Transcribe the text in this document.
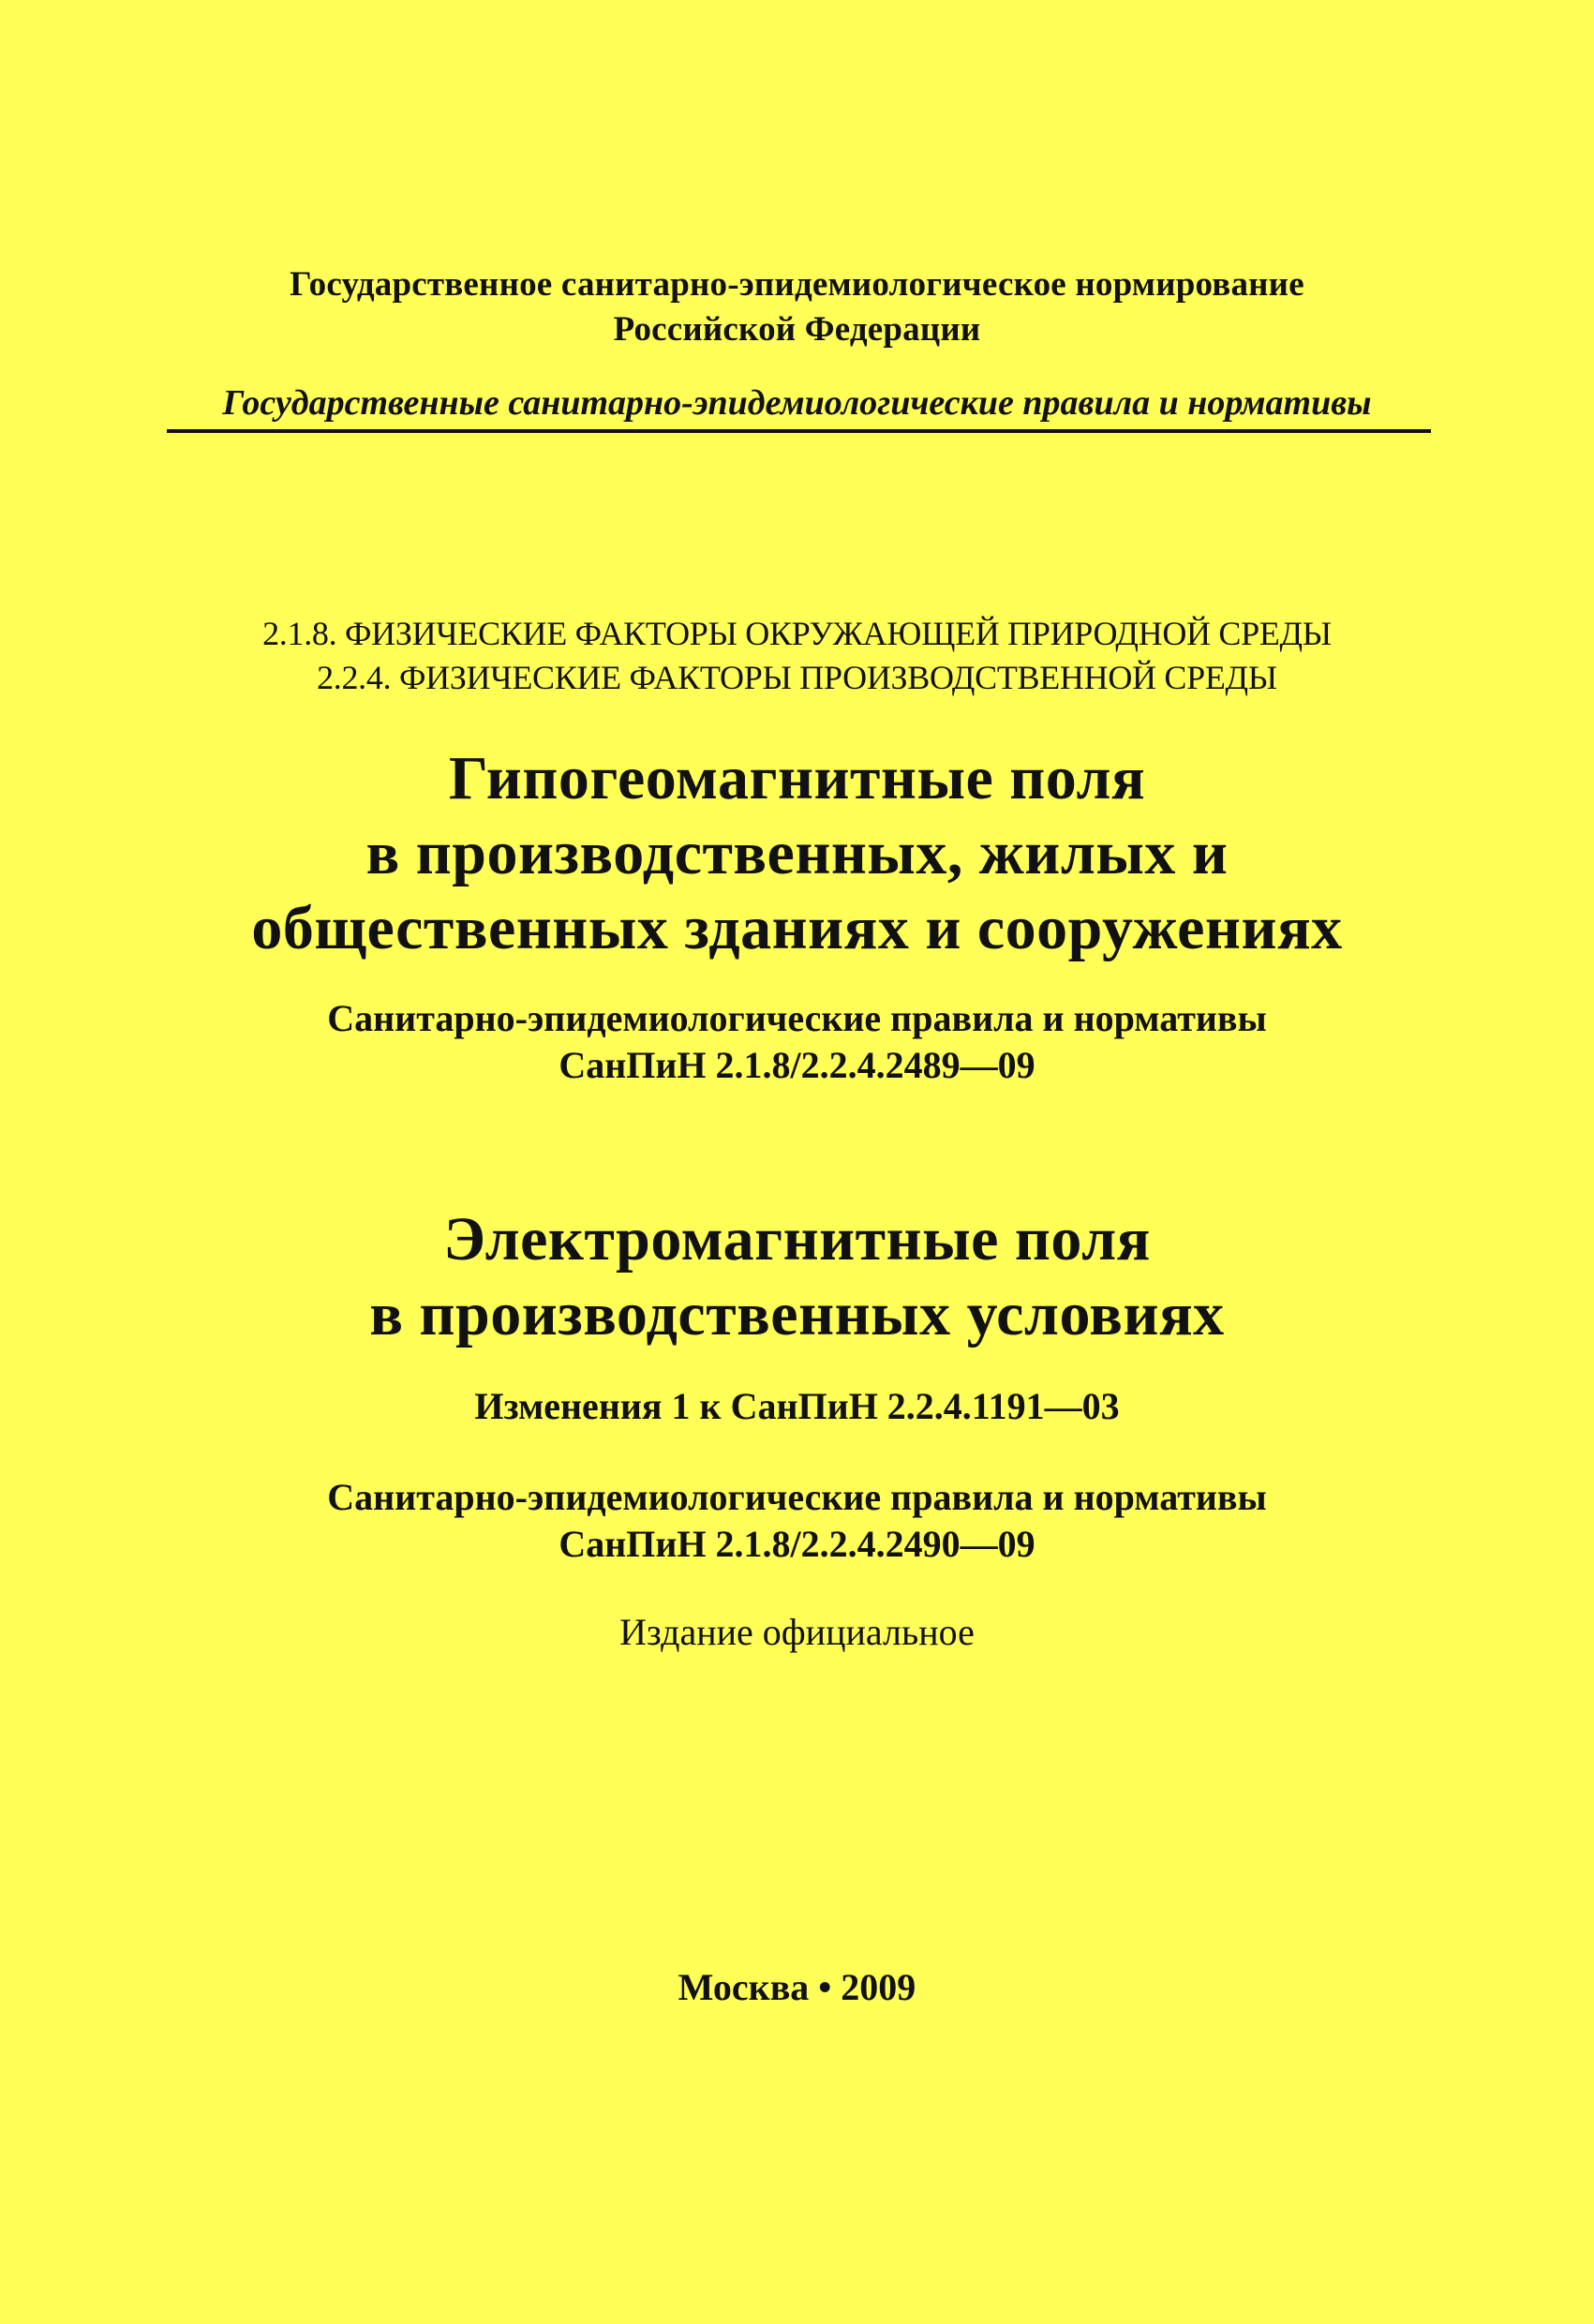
Государственное санитарно-эпидемиологическое нормирование
Российской Федерации
Государственные санитарно-эпидемиологические правила и нормативы
2.1.8. ФИЗИЧЕСКИЕ ФАКТОРЫ ОКРУЖАЮЩЕЙ ПРИРОДНОЙ СРЕДЫ
2.2.4. ФИЗИЧЕСКИЕ ФАКТОРЫ ПРОИЗВОДСТВЕННОЙ СРЕДЫ
Гипогеомагнитные поля
в производственных, жилых и
общественных зданиях и сооружениях
Санитарно-эпидемиологические правила и нормативы
СанПиН 2.1.8/2.2.4.2489—09
Электромагнитные поля
в производственных условиях
Изменения 1 к СанПиН 2.2.4.1191—03
Санитарно-эпидемиологические правила и нормативы
СанПиН 2.1.8/2.2.4.2490—09
Издание официальное
Москва • 2009
